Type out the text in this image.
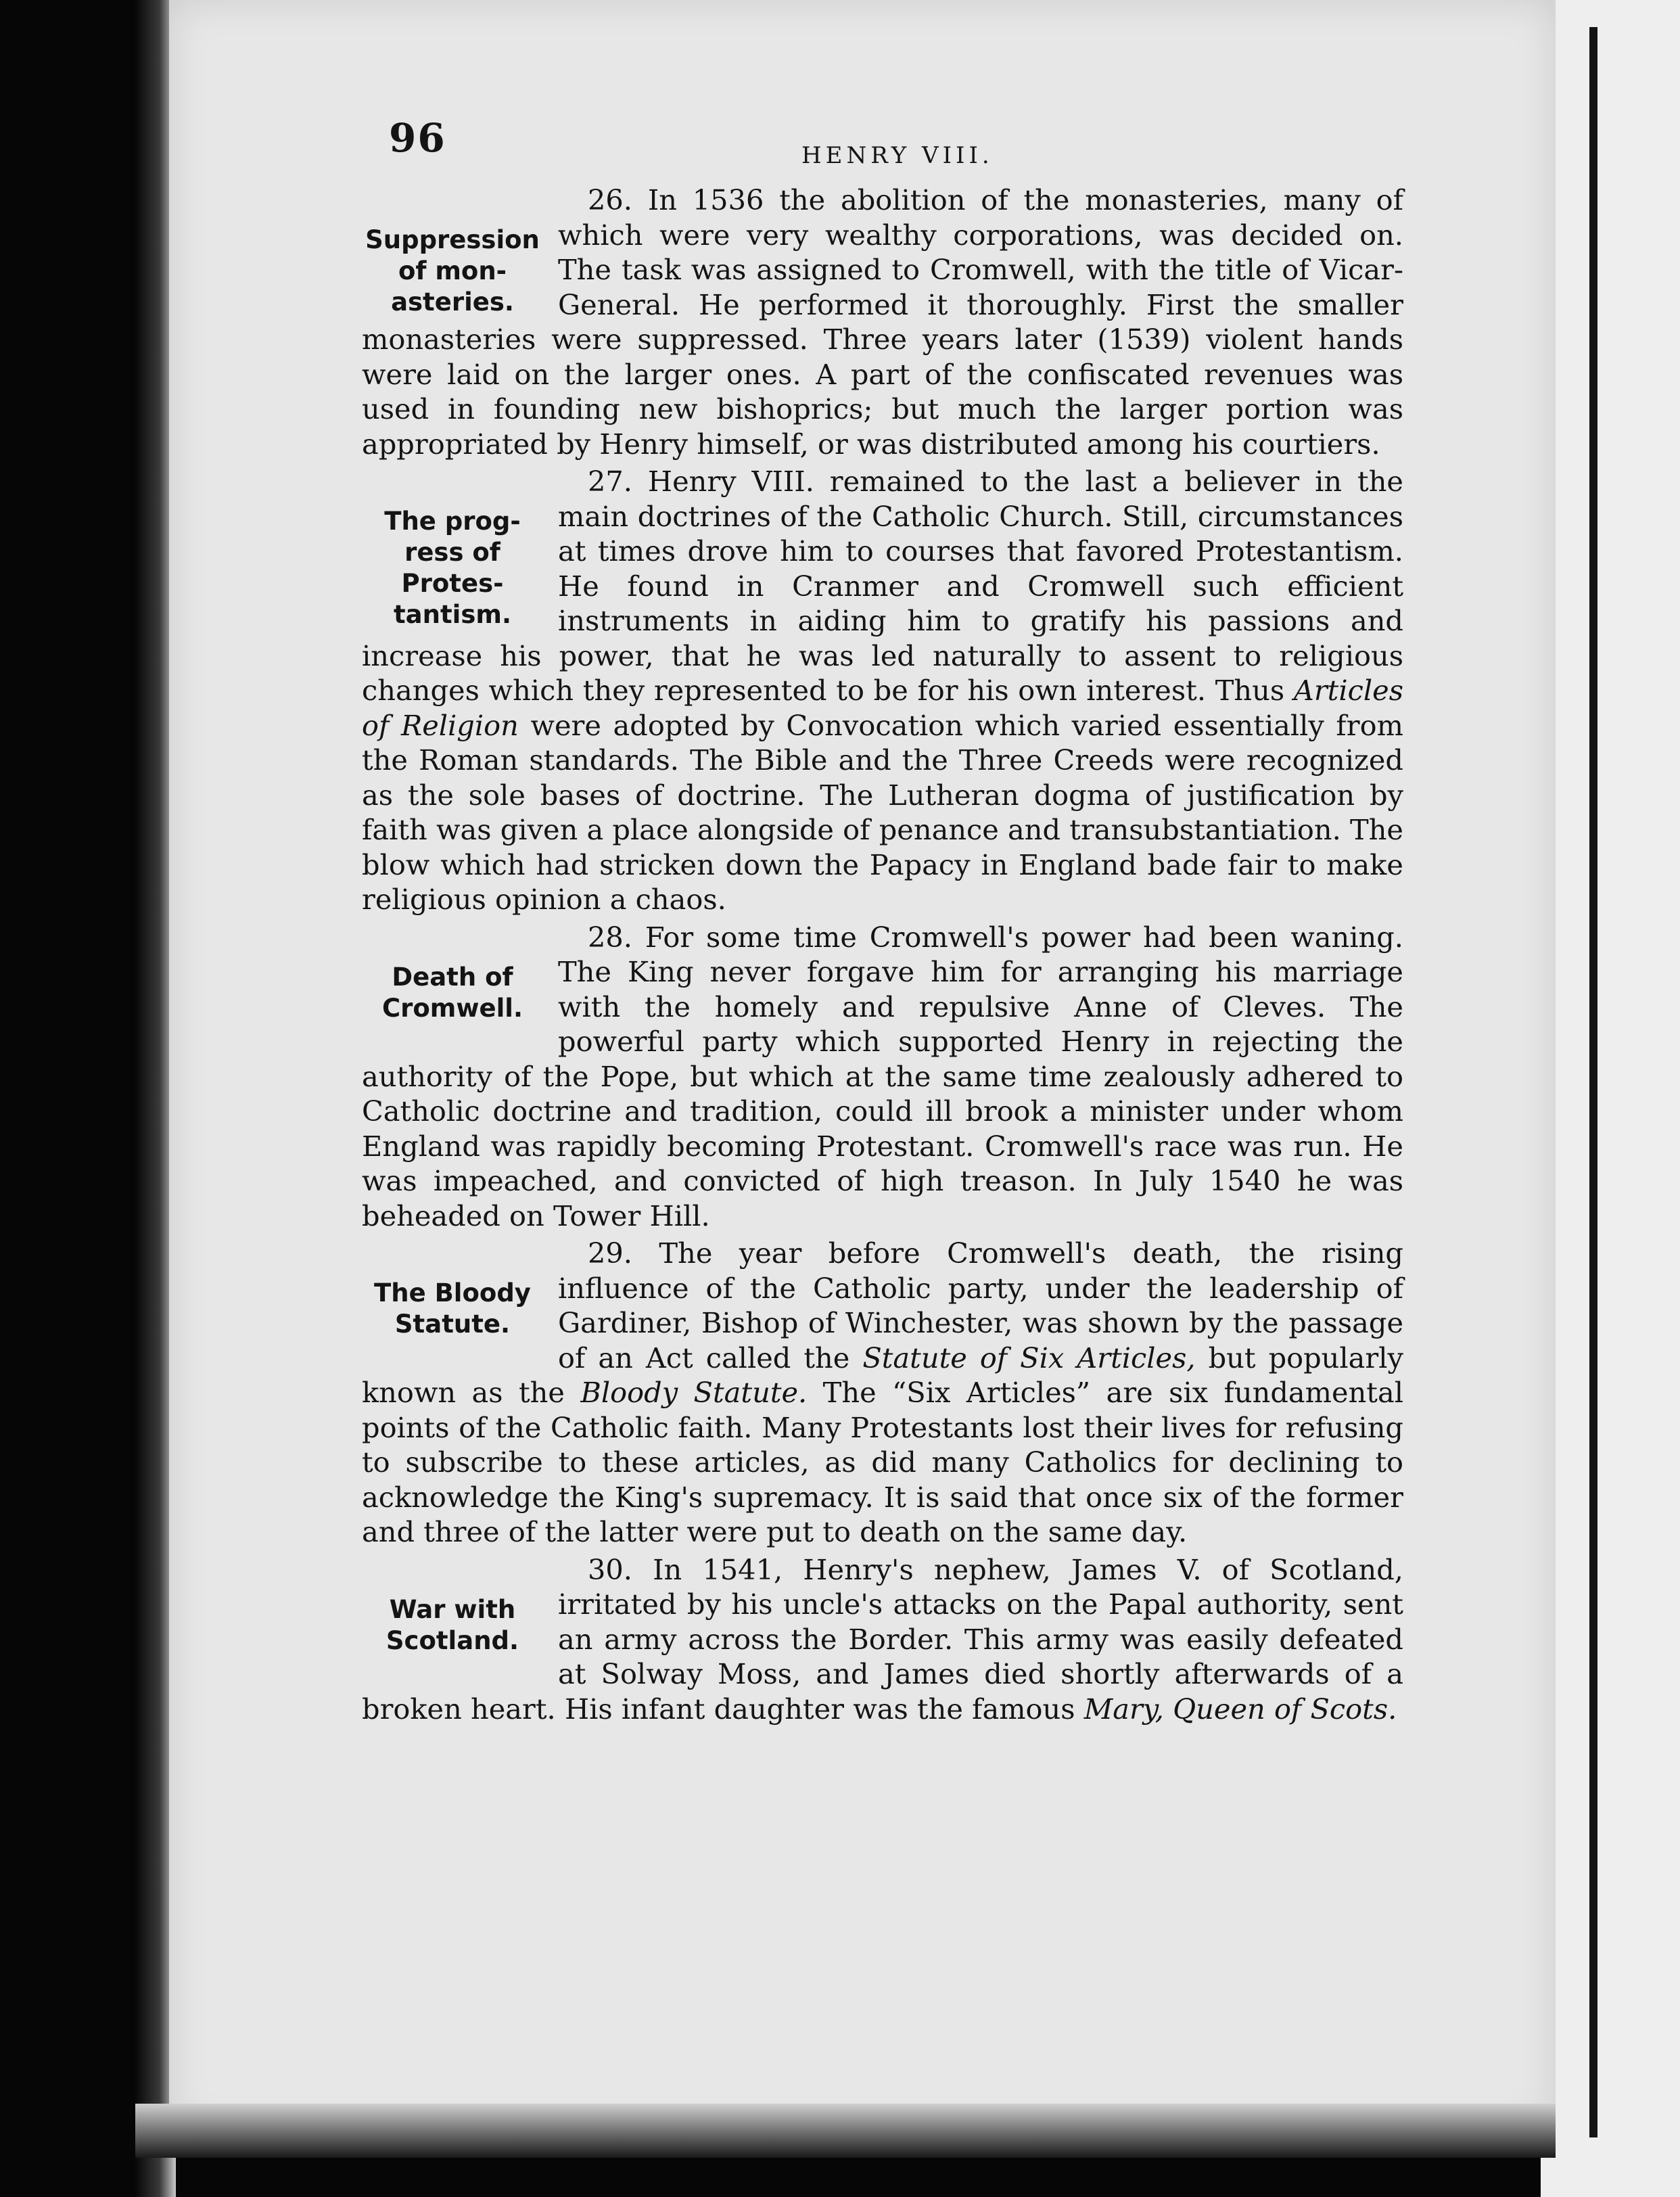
96	HENRY VIII.
Suppression of mon- asteries.

26. In 1536 the abolition of the monasteries, many of which were very wealthy corporations, was decided on. The task was assigned to Cromwell, with the title of Vicar-General. He performed it thoroughly. First the smaller monasteries were suppressed. Three years later (1539) violent hands were laid on the larger ones. A part of the confiscated revenues was used in founding new bishoprics; but much the larger portion was appropriated by Henry himself, or was distributed among his courtiers.

The prog- ress of Protes- tantism.

27. Henry VIII. remained to the last a believer in the main doctrines of the Catholic Church. Still, circumstances at times drove him to courses that favored Protestantism. He found in Cranmer and Cromwell such efficient instruments in aiding him to gratify his passions and increase his power, that he was led naturally to assent to religious changes which they represented to be for his own interest. Thus Articles of Religion were adopted by Convocation which varied essentially from the Roman standards. The Bible and the Three Creeds were recognized as the sole bases of doctrine. The Lutheran dogma of justification by faith was given a place alongside of penance and transubstantiation. The blow which had stricken down the Papacy in England bade fair to make religious opinion a chaos.

Death of Cromwell.

28. For some time Cromwell's power had been waning. The King never forgave him for arranging his marriage with the homely and repulsive Anne of Cleves. The powerful party which supported Henry in rejecting the authority of the Pope, but which at the same time zealously adhered to Catholic doctrine and tradition, could ill brook a minister under whom England was rapidly becoming Protestant. Cromwell's race was run. He was impeached, and convicted of high treason. In July 1540 he was beheaded on Tower Hill.

The Bloody Statute.

29. The year before Cromwell's death, the rising influence of the Catholic party, under the leadership of Gardiner, Bishop of Winchester, was shown by the passage of an Act called the Statute of Six Articles, but popularly known as the Bloody Statute. The “Six Articles” are six fundamental points of the Catholic faith. Many Protestants lost their lives for refusing to subscribe to these articles, as did many Catholics for declining to acknowledge the King's supremacy. It is said that once six of the former and three of the latter were put to death on the same day.

War with Scotland.

30. In 1541, Henry's nephew, James V. of Scotland, irritated by his uncle's attacks on the Papal authority, sent an army across the Border. This army was easily defeated at Solway Moss, and James died shortly afterwards of a broken heart. His infant daughter was the famous Mary, Queen of Scots.
